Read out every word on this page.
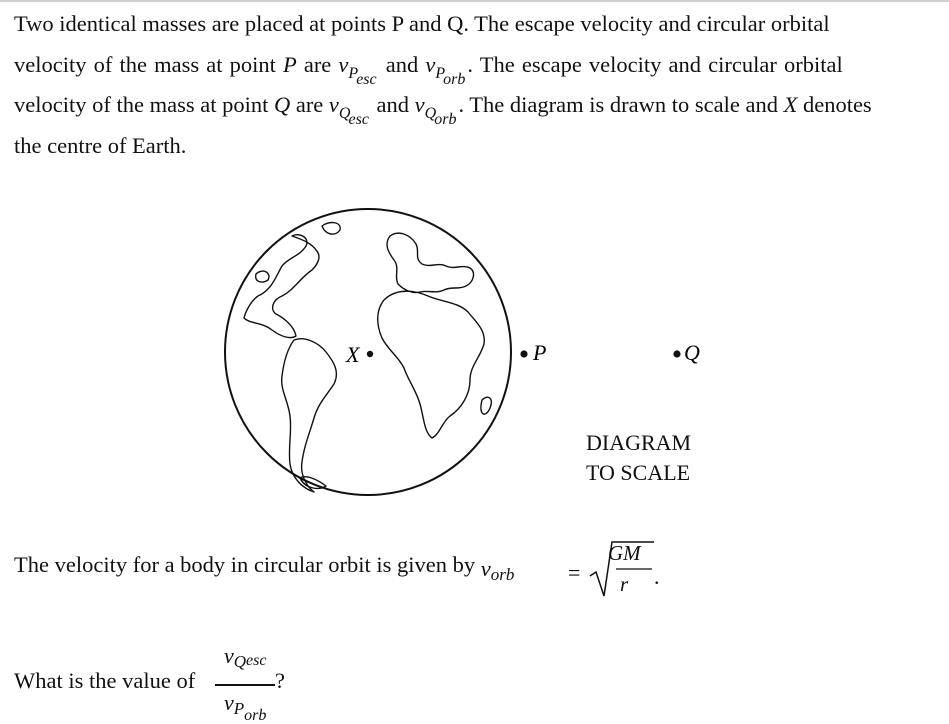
Two identical masses are placed at points P and Q. The escape velocity and circular orbital
velocity of the mass at point P are $v_{Pesc}$ and $v_{Porb}$. The escape velocity and circular orbital
velocity of the mass at point Q are $v_{Qesc}$ and $v_{Qorb}$. The diagram is drawn to scale and X denotes
the centre of Earth.
X	P	Q
DIAGRAM
TO SCALE
The velocity for a body in circular orbit is given by vorb =
GM
r .
What is the value of
vQesc
$vP_{orb}$
?
